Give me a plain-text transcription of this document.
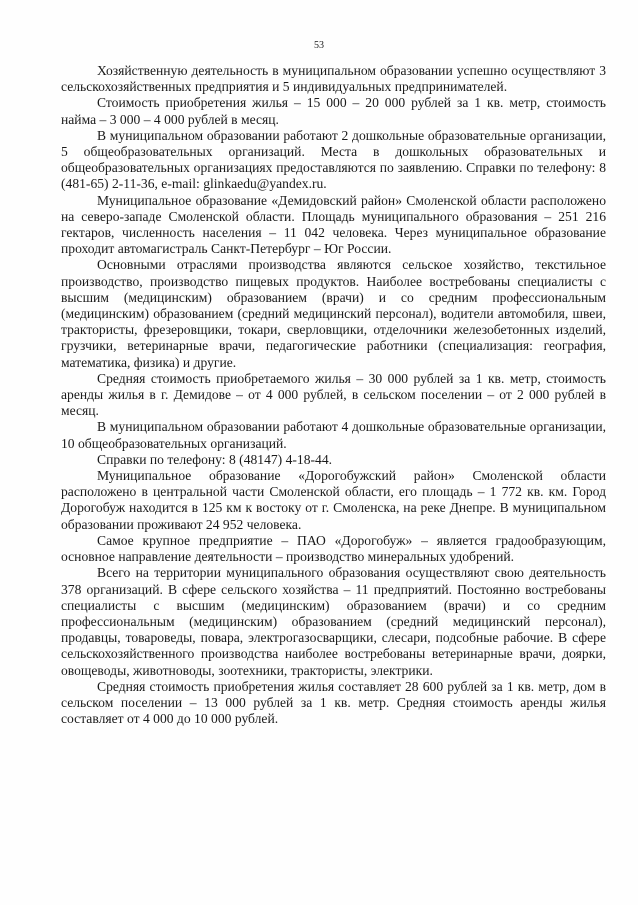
53

Хозяйственную деятельность в муниципальном образовании успешно осуществляют 3 сельскохозяйственных предприятия и 5 индивидуальных предпринимателей.

Стоимость приобретения жилья – 15 000 – 20 000 рублей за 1 кв. метр, стоимость найма – 3 000 – 4 000 рублей в месяц.

В муниципальном образовании работают 2 дошкольные образовательные организации, 5 общеобразовательных организаций. Места в дошкольных образовательных и общеобразовательных организациях предоставляются по заявлению. Справки по телефону: 8 (481-65) 2-11-36, e-mail: glinkaedu@yandex.ru.

Муниципальное образование «Демидовский район» Смоленской области расположено на северо-западе Смоленской области. Площадь муниципального образования – 251 216 гектаров, численность населения – 11 042 человека. Через муниципальное образование проходит автомагистраль Санкт-Петербург – Юг России.

Основными отраслями производства являются сельское хозяйство, текстильное производство, производство пищевых продуктов. Наиболее востребованы специалисты с высшим (медицинским) образованием (врачи) и со средним профессиональным (медицинским) образованием (средний медицинский персонал), водители автомобиля, швеи, трактористы, фрезеровщики, токари, сверловщики, отделочники железобетонных изделий, грузчики, ветеринарные врачи, педагогические работники (специализация: география, математика, физика) и другие.

Средняя стоимость приобретаемого жилья – 30 000 рублей за 1 кв. метр, стоимость аренды жилья в г. Демидове – от 4 000 рублей, в сельском поселении – от 2 000 рублей в месяц.

В муниципальном образовании работают 4 дошкольные образовательные организации, 10 общеобразовательных организаций.

Справки по телефону: 8 (48147) 4-18-44.

Муниципальное образование «Дорогобужский район» Смоленской области расположено в центральной части Смоленской области, его площадь – 1 772 кв. км. Город Дорогобуж находится в 125 км к востоку от г. Смоленска, на реке Днепре. В муниципальном образовании проживают 24 952 человека.

Самое крупное предприятие – ПАО «Дорогобуж» – является градообразующим, основное направление деятельности – производство минеральных удобрений.

Всего на территории муниципального образования осуществляют свою деятельность 378 организаций. В сфере сельского хозяйства – 11 предприятий. Постоянно востребованы специалисты с высшим (медицинским) образованием (врачи) и со средним профессиональным (медицинским) образованием (средний медицинский персонал), продавцы, товароведы, повара, электрогазосварщики, слесари, подсобные рабочие. В сфере сельскохозяйственного производства наиболее востребованы ветеринарные врачи, доярки, овощеводы, животноводы, зоотехники, трактористы, электрики.

Средняя стоимость приобретения жилья составляет 28 600 рублей за 1 кв. метр, дом в сельском поселении – 13 000 рублей за 1 кв. метр. Средняя стоимость аренды жилья составляет от 4 000 до 10 000 рублей.
